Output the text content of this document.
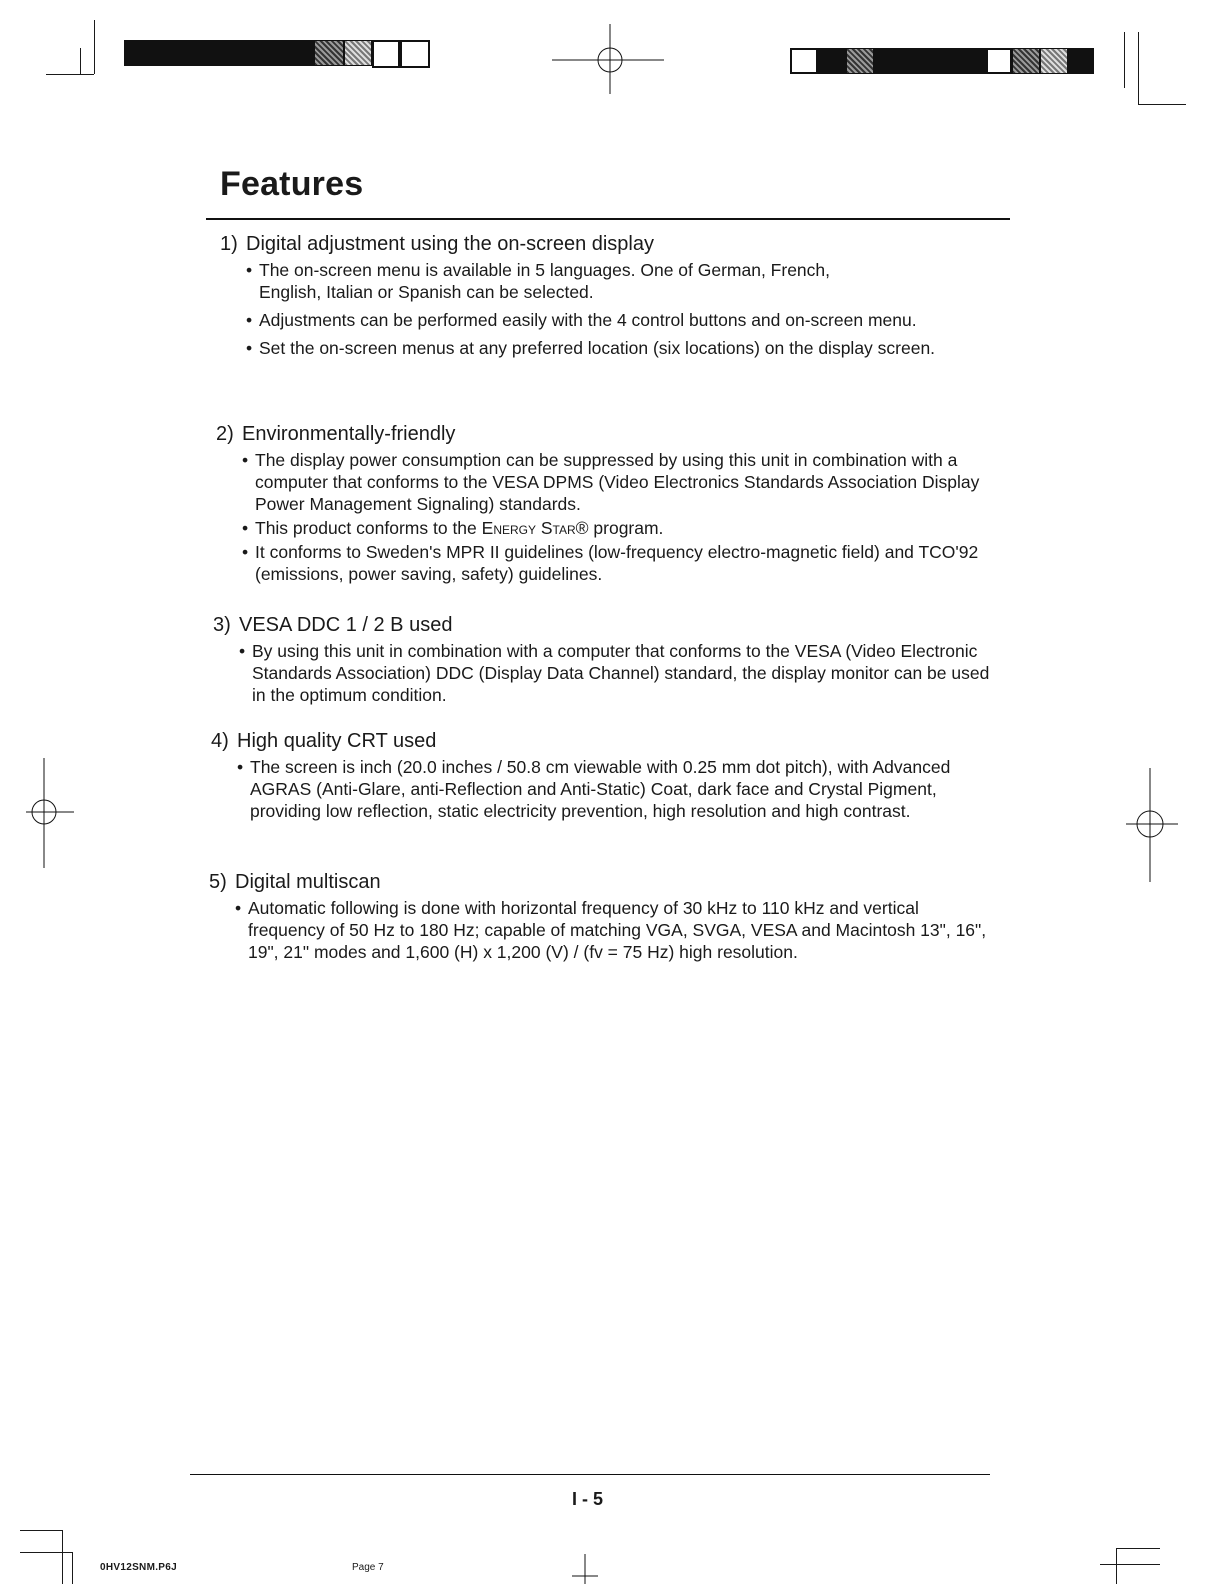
Features
1) Digital adjustment using the on-screen display
• The on-screen menu is available in 5 languages. One of German, French, English, Italian or Spanish can be selected.
• Adjustments can be performed easily with the 4 control buttons and on-screen menu.
• Set the on-screen menus at any preferred location (six locations) on the display screen.
2) Environmentally-friendly
• The display power consumption can be suppressed by using this unit in combination with a computer that conforms to the VESA DPMS (Video Electronics Standards Association Display Power Management Signaling) standards.
• This product conforms to the Energy Star® program.
• It conforms to Sweden's MPR II guidelines (low-frequency electro-magnetic field) and TCO'92 (emissions, power saving, safety) guidelines.
3) VESA DDC 1 / 2 B used
• By using this unit in combination with a computer that conforms to the VESA (Video Electronic Standards Association) DDC (Display Data Channel) standard, the display monitor can be used in the optimum condition.
4) High quality CRT used
• The screen is inch (20.0 inches / 50.8 cm viewable with 0.25 mm dot pitch), with Advanced AGRAS (Anti-Glare, anti-Reflection and Anti-Static) Coat, dark face and Crystal Pigment, providing low reflection, static electricity prevention, high resolution and high contrast.
5) Digital multiscan
• Automatic following is done with horizontal frequency of 30 kHz to 110 kHz and vertical frequency of 50 Hz to 180 Hz; capable of matching VGA, SVGA, VESA and Macintosh 13", 16", 19", 21" modes and 1,600 (H) x 1,200 (V) / (fv = 75 Hz) high resolution.
I - 5
0HV12SNM.P6J	Page 7
